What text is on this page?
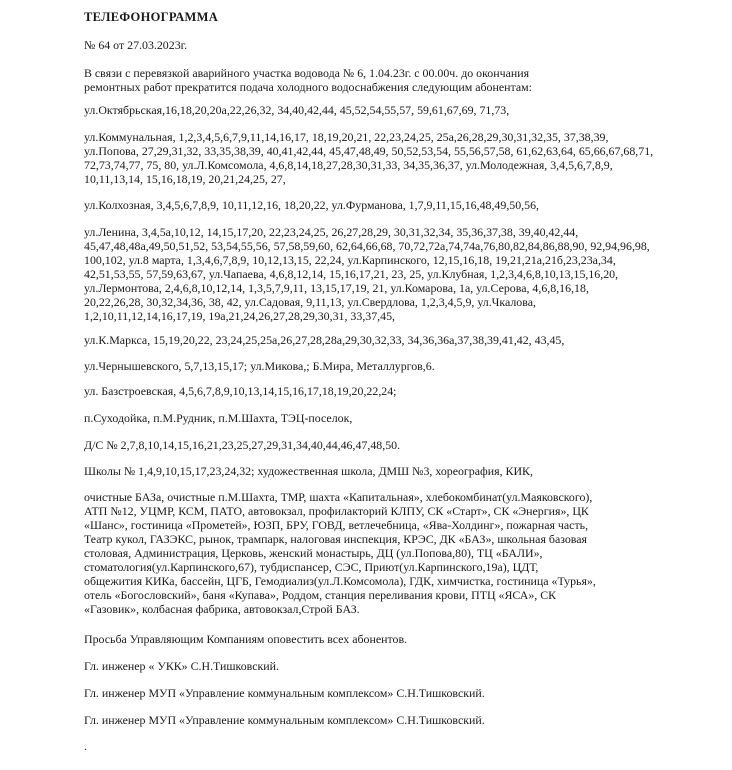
ТЕЛЕФОНОГРАММА

№ 64 от 27.03.2023г.

В связи с перевязкой аварийного участка водовода № 6, 1.04.23г. с 00.00ч. до окончания

ремонтных работ прекратится подача холодного водоснабжения следующим абонентам:

ул.Октябрьская,16,18,20,20а,22,26,32, 34,40,42,44, 45,52,54,55,57, 59,61,67,69, 71,73,

ул.Коммунальная, 1,2,3,4,5,6,7,9,11,14,16,17, 18,19,20,21, 22,23,24,25, 25а,26,28,29,30,31,32,35, 37,38,39,

ул.Попова, 27,29,31,32, 33,35,38,39, 40,41,42,44, 45,47,48,49, 50,52,53,54, 55,56,57,58, 61,62,63,64, 65,66,67,68,71,

72,73,74,77, 75, 80, ул.Л.Комсомола, 4,6,8,14,18,27,28,30,31,33, 34,35,36,37, ул.Молодежная, 3,4,5,6,7,8,9,

10,11,13,14, 15,16,18,19, 20,21,24,25, 27,

ул.Колхозная, 3,4,5,6,7,8,9, 10,11,12,16, 18,20,22, ул.Фурманова, 1,7,9,11,15,16,48,49,50,56,

ул.Ленина, 3,4,5а,10,12, 14,15,17,20, 22,23,24,25, 26,27,28,29, 30,31,32,34, 35,36,37,38, 39,40,42,44,

45,47,48,48а,49,50,51,52, 53,54,55,56, 57,58,59,60, 62,64,66,68, 70,72,72а,74,74а,76,80,82,84,86,88,90, 92,94,96,98,

100,102, ул.8 марта, 1,3,4,6,7,8,9, 10,12,13,15, 22,24, ул.Карпинского, 12,15,16,18, 19,21,21а,21б,23,23а,34,

42,51,53,55, 57,59,63,67, ул.Чапаева, 4,6,8,12,14, 15,16,17,21, 23, 25, ул.Клубная, 1,2,3,4,6,8,10,13,15,16,20,

ул.Лермонтова, 2,4,6,8,10,12,14, 1,3,5,7,9,11, 13,15,17,19, 21, ул.Комарова, 1а, ул.Серова, 4,6,8,16,18,

20,22,26,28, 30,32,34,36, 38, 42, ул.Садовая, 9,11,13, ул.Свердлова, 1,2,3,4,5,9, ул.Чкалова,

1,2,10,11,12,14,16,17,19, 19а,21,24,26,27,28,29,30,31, 33,37,45,

ул.К.Маркса, 15,19,20,22, 23,24,25,25а,26,27,28,28а,29,30,32,33, 34,36,36а,37,38,39,41,42, 43,45,

ул.Чернышевского, 5,7,13,15,17; ул.Микова,; Б.Мира, Металлургов,6.

ул. Базстроевская, 4,5,6,7,8,9,10,13,14,15,16,17,18,19,20,22,24;

п.Суходойка, п.М.Рудник, п.М.Шахта, ТЭЦ-поселок,

Д/С № 2,7,8,10,14,15,16,21,23,25,27,29,31,34,40,44,46,47,48,50.

Школы № 1,4,9,10,15,17,23,24,32; художественная школа, ДМШ №3, хореография, КИК,

очистные БАЗа, очистные п.М.Шахта, ТМР, шахта «Капитальная», хлебокомбинат(ул.Маяковского),

АТП №12, УЦМР, КСМ, ПАТО, автовокзал, профилакторий КЛПУ, СК «Старт», СК «Энергия», ЦК

«Шанс», гостиница «Прометей», ЮЗП, БРУ, ГОВД, ветлечебница, «Ява-Холдинг», пожарная часть,

Театр кукол, ГАЗЭКС, рынок, трампарк, налоговая инспекция, КРЭС, ДК «БАЗ», школьная базовая

столовая, Администрация, Церковь, женский монастырь, ДЦ (ул.Попова,80), ТЦ «БАЛИ»,

стоматология(ул.Карпинского,67), тубдиспансер, СЭС, Приют(ул.Карпинского,19а), ЦДТ,

общежития КИКа, бассейн, ЦГБ, Гемодиализ(ул.Л.Комсомола), ГДК, химчистка, гостиница «Турья»,

отель «Богословский», баня «Купава», Роддом, станция переливания крови, ПТЦ «ЯСА», СК

«Газовик», колбасная фабрика, автовокзал,Строй БАЗ.

Просьба Управляющим Компаниям оповестить всех абонентов.

Гл. инженер « УКК» С.Н.Тишковский.

Гл. инженер МУП «Управление коммунальным комплексом» С.Н.Тишковский.

Гл. инженер МУП «Управление коммунальным комплексом» С.Н.Тишковский.

.
